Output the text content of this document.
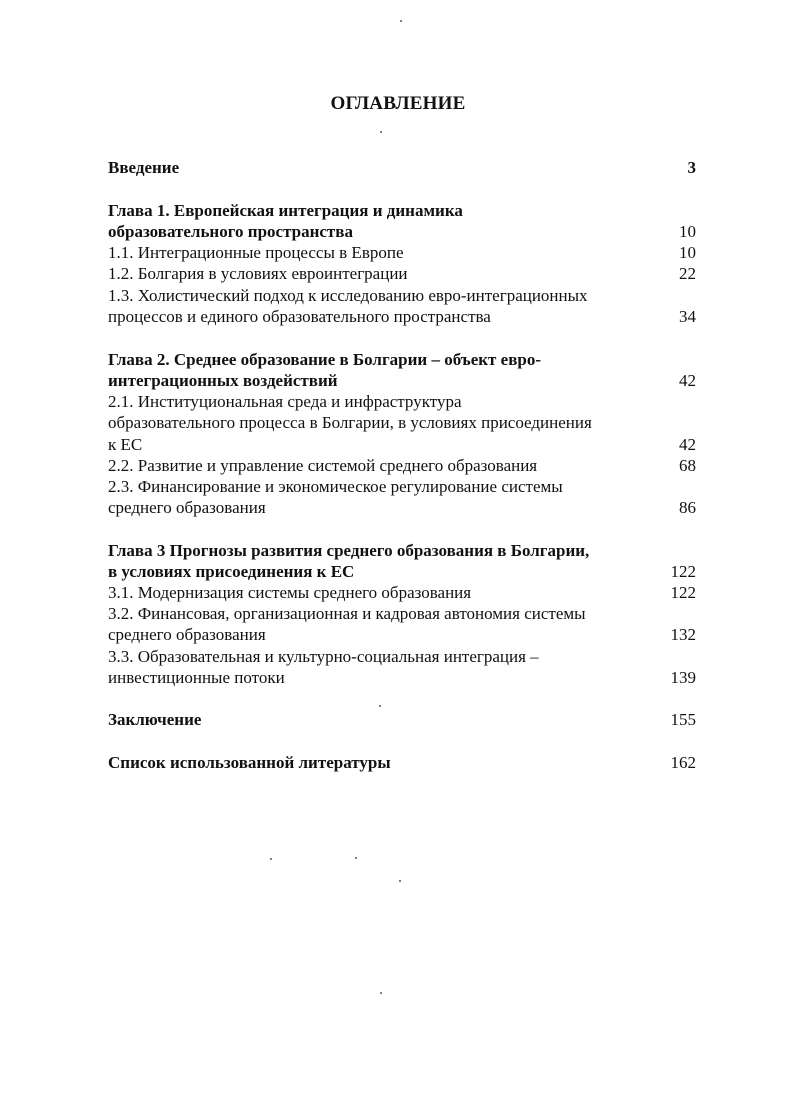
ОГЛАВЛЕНИЕ
Введение	3
Глава 1. Европейская интеграция и динамика
образовательного пространства	10
1.1. Интеграционные процессы в Европе	10
1.2. Болгария в условиях евроинтеграции	22
1.3. Холистический подход к исследованию евро-интеграционных
процессов и единого образовательного пространства	34
Глава 2. Среднее образование в Болгарии – объект евро-
интеграционных воздействий	42
2.1. Институциональная среда и инфраструктура
образовательного процесса в Болгарии, в условиях присоединения
к ЕС	42
2.2. Развитие и управление системой среднего образования	68
2.3. Финансирование и экономическое регулирование системы
среднего образования	86
Глава 3 Прогнозы развития среднего образования в Болгарии,
в условиях присоединения к ЕС	122
3.1. Модернизация системы среднего образования	122
3.2. Финансовая, организационная и кадровая автономия системы
среднего образования	132
3.3. Образовательная и культурно-социальная интеграция –
инвестиционные потоки	139
Заключение	155
Список использованной литературы	162
